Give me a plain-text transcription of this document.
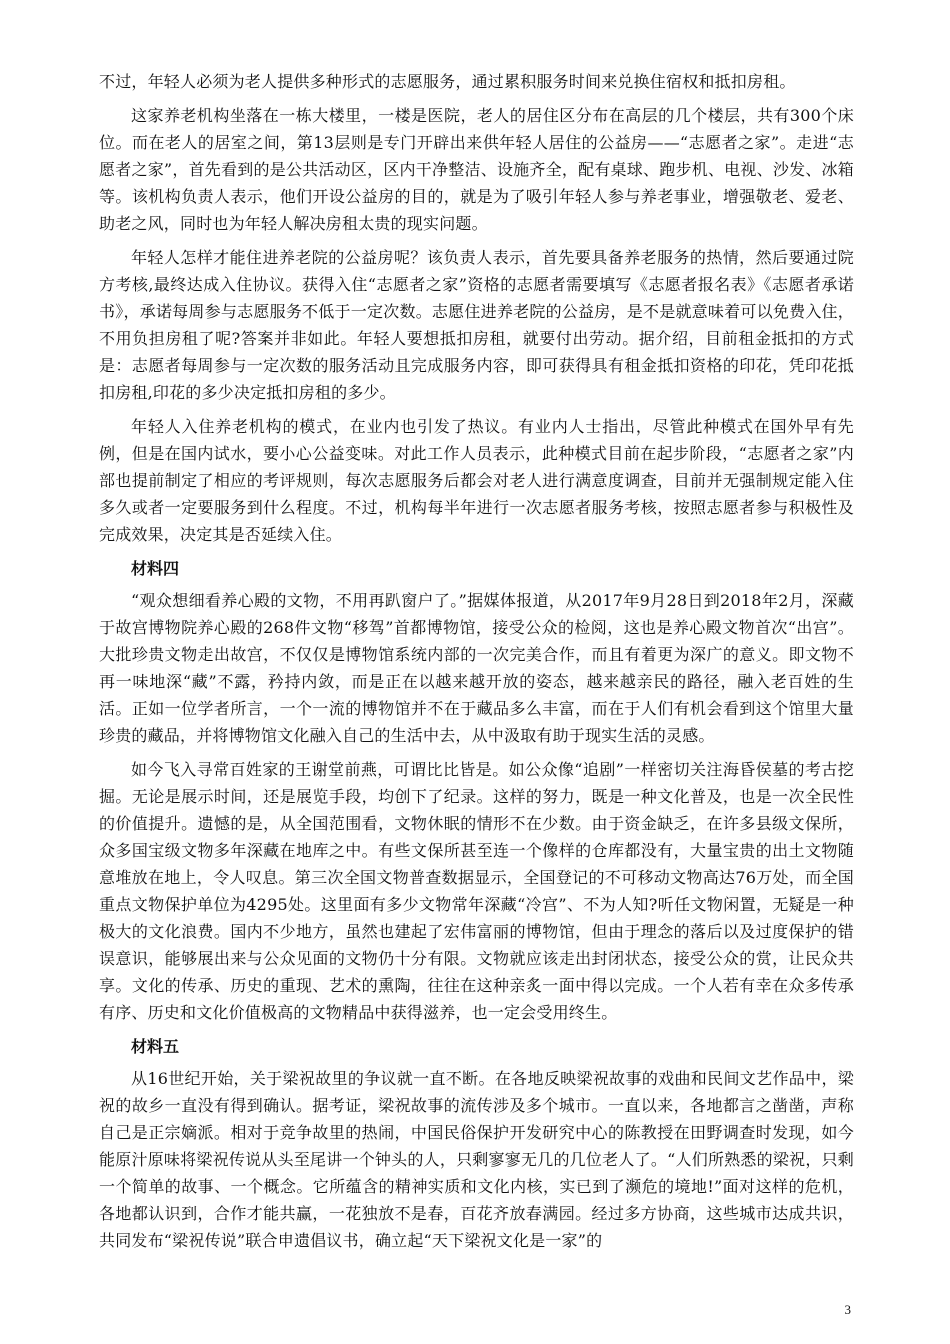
不过，年轻人必须为老人提供多种形式的志愿服务，通过累积服务时间来兑换住宿权和抵扣房租。

这家养老机构坐落在一栋大楼里，一楼是医院，老人的居住区分布在高层的几个楼层，共有300个床位。而在老人的居室之间，第13层则是专门开辟出来供年轻人居住的公益房——“志愿者之家”。走进“志愿者之家”，首先看到的是公共活动区，区内干净整洁、设施齐全，配有桌球、跑步机、电视、沙发、冰箱等。该机构负责人表示，他们开设公益房的目的，就是为了吸引年轻人参与养老事业，增强敬老、爱老、助老之风，同时也为年轻人解决房租太贵的现实问题。

年轻人怎样才能住进养老院的公益房呢？该负责人表示，首先要具备养老服务的热情，然后要通过院方考核,最终达成入住协议。获得入住“志愿者之家”资格的志愿者需要填写《志愿者报名表》《志愿者承诺书》，承诺每周参与志愿服务不低于一定次数。志愿住进养老院的公益房，是不是就意味着可以免费入住，不用负担房租了呢?答案并非如此。年轻人要想抵扣房租，就要付出劳动。据介绍，目前租金抵扣的方式是：志愿者每周参与一定次数的服务活动且完成服务内容，即可获得具有租金抵扣资格的印花，凭印花抵扣房租,印花的多少决定抵扣房租的多少。

年轻人入住养老机构的模式，在业内也引发了热议。有业内人士指出，尽管此种模式在国外早有先例，但是在国内试水，要小心公益变味。对此工作人员表示，此种模式目前在起步阶段，“志愿者之家”内部也提前制定了相应的考评规则，每次志愿服务后都会对老人进行满意度调查，目前并无强制规定能入住多久或者一定要服务到什么程度。不过，机构每半年进行一次志愿者服务考核，按照志愿者参与积极性及完成效果，决定其是否延续入住。

材料四

“观众想细看养心殿的文物，不用再趴窗户了。”据媒体报道，从2017年9月28日到2018年2月，深藏于故宫博物院养心殿的268件文物“移驾”首都博物馆，接受公众的检阅，这也是养心殿文物首次“出宫”。大批珍贵文物走出故宫，不仅仅是博物馆系统内部的一次完美合作，而且有着更为深广的意义。即文物不再一味地深“藏”不露，矜持内敛，而是正在以越来越开放的姿态，越来越亲民的路径，融入老百姓的生活。正如一位学者所言，一个一流的博物馆并不在于藏品多么丰富，而在于人们有机会看到这个馆里大量珍贵的藏品，并将博物馆文化融入自己的生活中去，从中汲取有助于现实生活的灵感。

如今飞入寻常百姓家的王谢堂前燕，可谓比比皆是。如公众像“追剧”一样密切关注海昏侯墓的考古挖掘。无论是展示时间，还是展览手段，均创下了纪录。这样的努力，既是一种文化普及，也是一次全民性的价值提升。遗憾的是，从全国范围看，文物休眠的情形不在少数。由于资金缺乏，在许多县级文保所，众多国宝级文物多年深藏在地库之中。有些文保所甚至连一个像样的仓库都没有，大量宝贵的出土文物随意堆放在地上，令人叹息。第三次全国文物普查数据显示，全国登记的不可移动文物高达76万处，而全国重点文物保护单位为4295处。这里面有多少文物常年深藏“冷宫”、不为人知?听任文物闲置，无疑是一种极大的文化浪费。国内不少地方，虽然也建起了宏伟富丽的博物馆，但由于理念的落后以及过度保护的错误意识，能够展出来与公众见面的文物仍十分有限。文物就应该走出封闭状态，接受公众的赏，让民众共享。文化的传承、历史的重现、艺术的熏陶，往往在这种亲炙一面中得以完成。一个人若有幸在众多传承有序、历史和文化价值极高的文物精品中获得滋养，也一定会受用终生。

材料五

从16世纪开始，关于梁祝故里的争议就一直不断。在各地反映梁祝故事的戏曲和民间文艺作品中，梁祝的故乡一直没有得到确认。据考证，梁祝故事的流传涉及多个城市。一直以来，各地都言之凿凿，声称自己是正宗嫡派。相对于竞争故里的热闹，中国民俗保护开发研究中心的陈教授在田野调查时发现，如今能原汁原味将梁祝传说从头至尾讲一个钟头的人，只剩寥寥无几的几位老人了。“人们所熟悉的梁祝，只剩一个简单的故事、一个概念。它所蕴含的精神实质和文化内核，实已到了濒危的境地!”面对这样的危机，各地都认识到，合作才能共赢，一花独放不是春，百花齐放春满园。经过多方协商，这些城市达成共识，共同发布“梁祝传说”联合申遗倡议书，确立起“天下梁祝文化是一家”的

3
